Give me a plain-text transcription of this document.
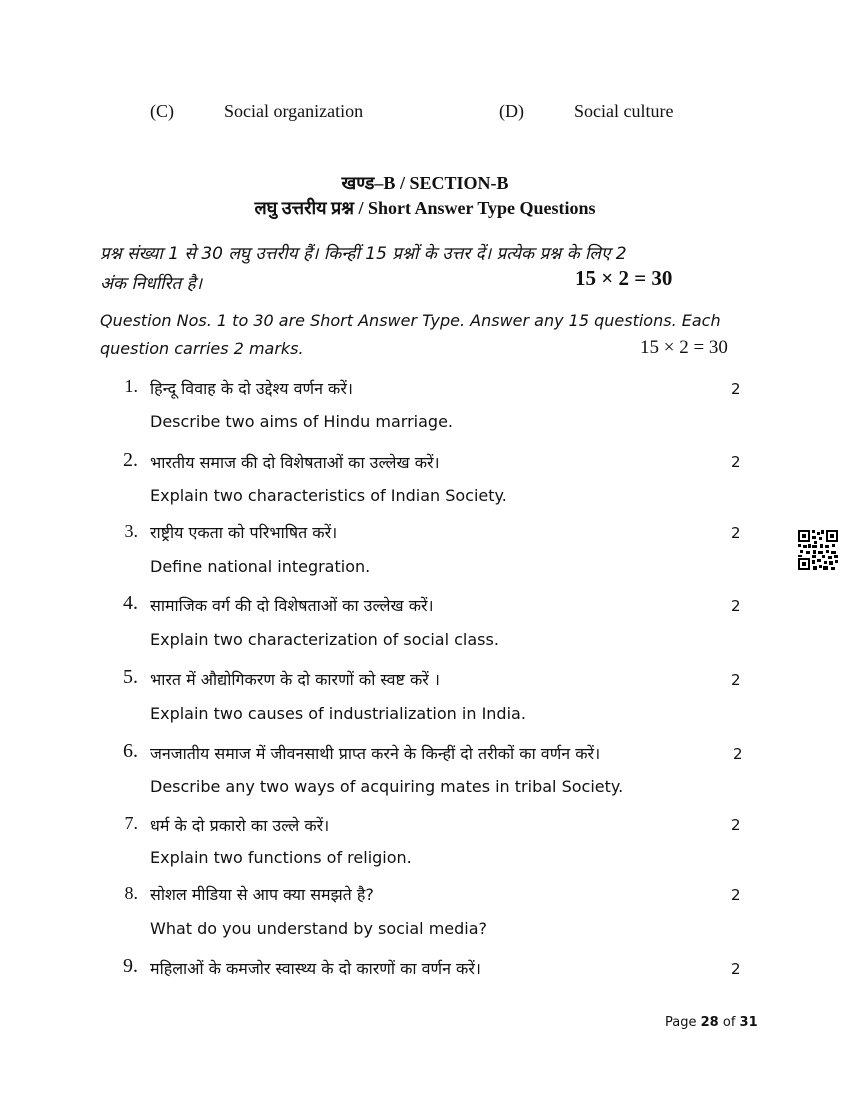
(C)	Social organization	(D)	Social culture
खण्ड–B / SECTION-B
लघु उत्तरीय प्रश्न / Short Answer Type Questions
प्रश्न संख्या 1 से 30 लघु उत्तरीय हैं। किन्हीं 15 प्रश्नों के उत्तर दें। प्रत्येक प्रश्न के लिए 2
अंक निर्धारित है।	15 × 2 = 30
Question Nos. 1 to 30 are Short Answer Type. Answer any 15 questions. Each
question carries 2 marks.	15 × 2 = 30
1. हिन्दू विवाह के दो उद्देश्य वर्णन करें।	2
Describe two aims of Hindu marriage.
2. भारतीय समाज की दो विशेषताओं का उल्लेख करें।	2
Explain two characteristics of Indian Society.
3. राष्ट्रीय एकता को परिभाषित करें।	2
Define national integration.
4. सामाजिक वर्ग की दो विशेषताओं का उल्लेख करें।	2
Explain two characterization of social class.
5. भारत में औद्योगिकरण के दो कारणों को स्वष्ट करें ।	2
Explain two causes of industrialization in India.
6. जनजातीय समाज में जीवनसाथी प्राप्त करने के किन्हीं दो तरीकों का वर्णन करें।	2
Describe any two ways of acquiring mates in tribal Society.
7. धर्म के दो प्रकारो का उल्ले करें।	2
Explain two functions of religion.
8. सोशल मीडिया से आप क्या समझते है?	2
What do you understand by social media?
9. महिलाओं के कमजोर स्वास्थ्य के दो कारणों का वर्णन करें।	2
Page 28 of 31
